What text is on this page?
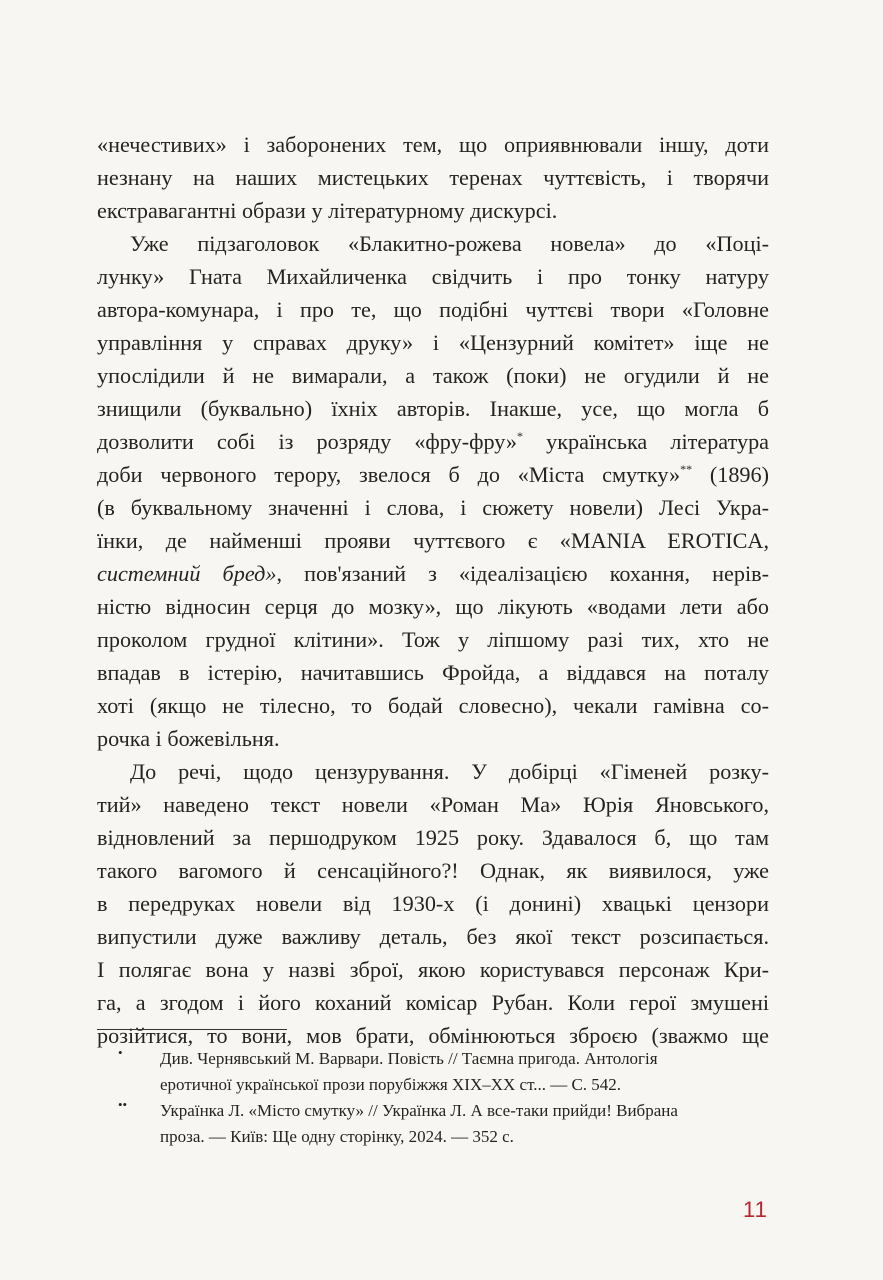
«нечестивих» і заборонених тем, що оприявнювали іншу, доти
незнану на наших мистецьких теренах чуттєвість, і творячи
екстравагантні образи у літературному дискурсі.
Уже підзаголовок «Блакитно-рожева новела» до «Поці-
лунку» Гната Михайличенка свідчить і про тонку натуру
автора-комунара, і про те, що подібні чуттєві твори «Головне
управління у справах друку» і «Цензурний комітет» іще не
упослідили й не вимарали, а також (поки) не огудили й не
знищили (буквально) їхніх авторів. Інакше, усе, що могла б
дозволити собі із розряду «фру-фру»* українська література
доби червоного терору, звелося б до «Міста смутку»** (1896)
(в буквальному значенні і слова, і сюжету новели) Лесі Укра-
їнки, де найменші прояви чуттєвого є «MANIA EROTICA,
системний бред», пов'язаний з «ідеалізацією кохання, нерів-
ністю відносин серця до мозку», що лікують «водами лети або
проколом грудної клітини». Тож у ліпшому разі тих, хто не
впадав в істерію, начитавшись Фройда, а віддався на поталу
хоті (якщо не тілесно, то бодай словесно), чекали гамівна со-
рочка і божевільня.
До речі, щодо цензурування. У добірці «Гіменей розку-
тий» наведено текст новели «Роман Ма» Юрія Яновського,
відновлений за першодруком 1925 року. Здавалося б, що там
такого вагомого й сенсаційного?! Однак, як виявилося, уже
в передруках новели від 1930-х (і донині) хвацькі цензори
випустили дуже важливу деталь, без якої текст розсипається.
І полягає вона у назві зброї, якою користувався персонаж Кри-
га, а згодом і його коханий комісар Рубан. Коли герої змушені
розійтися, то вони, мов брати, обмінюються зброєю (зважмо ще
• Див. Чернявський М. Варвари. Повість // Таємна пригода. Антологія
еротичної української прози порубіжжя XIX–XX ст... — С. 542.
•• Українка Л. «Місто смутку» // Українка Л. А все-таки прийди! Вибрана
проза. — Київ: Ще одну сторінку, 2024. — 352 с.
11
